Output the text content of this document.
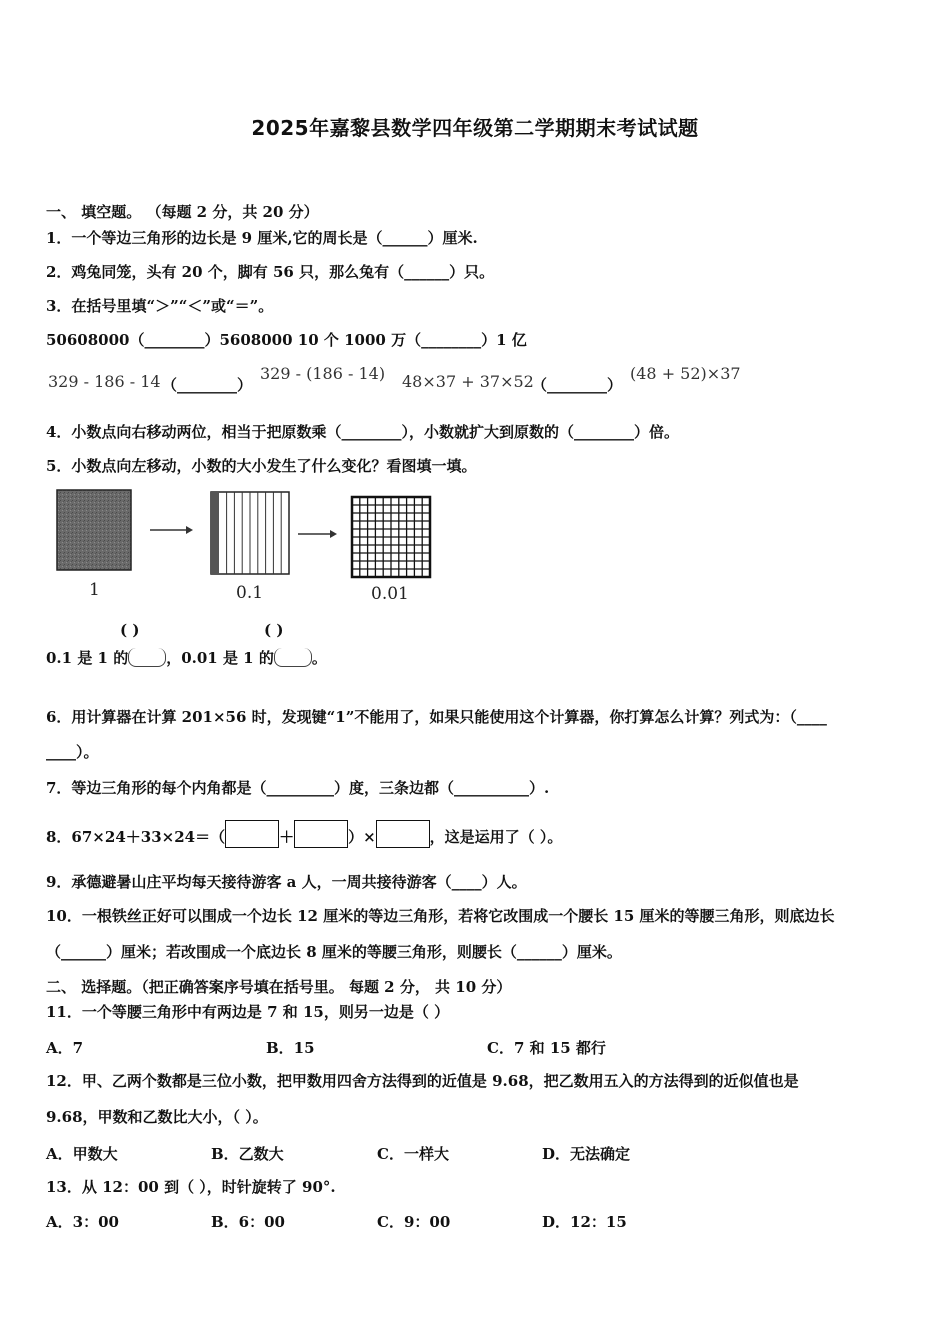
2025年嘉黎县数学四年级第二学期期末考试试题
一、 填空题。 （每题 2 分，共 20 分）
1．一个等边三角形的边长是 9 厘米,它的周长是（______）厘米.
2．鸡兔同笼，头有 20 个，脚有 56 只，那么兔有（______）只。
3．在括号里填“＞”“＜”或“＝”。
50608000（________）5608000 10 个 1000 万（________）1 亿
329 - 186 - 14 （________）
329 - (186 - 14) 48×37 + 37×52
（________）
(48 + 52)×37
4．小数点向右移动两位，相当于把原数乘（________），小数就扩大到原数的（________）倍。
5．小数点向左移动，小数的大小发生了什么变化？看图填一填。
1	0.1	0.01
( )	( )
0.1 是 1 的	，0.01 是 1 的	。
6．用计算器在计算 201×56 时，发现键“1”不能用了，如果只能使用这个计算器，你打算怎么计算？列式为：（____
____）。
7．等边三角形的每个内角都是（_________）度，三条边都（__________）.
8．67×24＋33×24＝（	＋	）×	，这是运用了（ ）。
9．承德避暑山庄平均每天接待游客 a 人，一周共接待游客（____）人。
10．一根铁丝正好可以围成一个边长 12 厘米的等边三角形，若将它改围成一个腰长 15 厘米的等腰三角形，则底边长
（______）厘米；若改围成一个底边长 8 厘米的等腰三角形，则腰长（______）厘米。
二、 选择题。（把正确答案序号填在括号里。 每题 2 分， 共 10 分）
11．一个等腰三角形中有两边是 7 和 15，则另一边是（ ）
A．7	B．15	C．7 和 15 都行
12．甲、乙两个数都是三位小数，把甲数用四舍方法得到的近值是 9.68，把乙数用五入的方法得到的近似值也是
9.68，甲数和乙数比大小，（ ）。
A．甲数大	B．乙数大	C．一样大	D．无法确定
13．从 12：00 到（ ），时针旋转了 90°.
A．3：00	B．6：00	C．9：00	D．12：15
